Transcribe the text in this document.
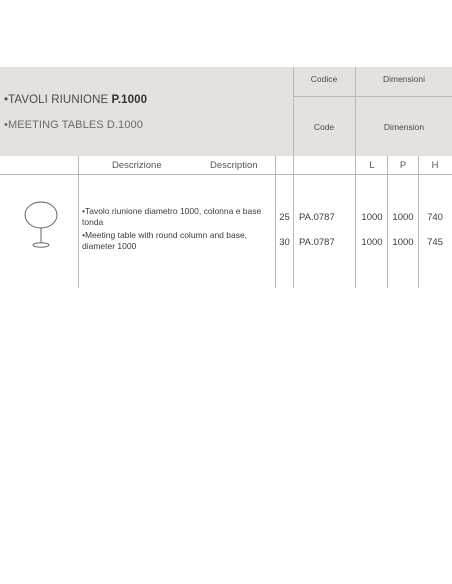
•TAVOLI RIUNIONE P.1000
•MEETING TABLES D.1000
Codice	Dimensioni
Code	Dimension
Descrizione	Description	L	P	H
•Tavolo riunione diametro 1000, colonna e base tonda
•Meeting table with round column and base, diameter 1000
25 PA.0787	1000	1000	740
30 PA.0787	1000	1000	745
